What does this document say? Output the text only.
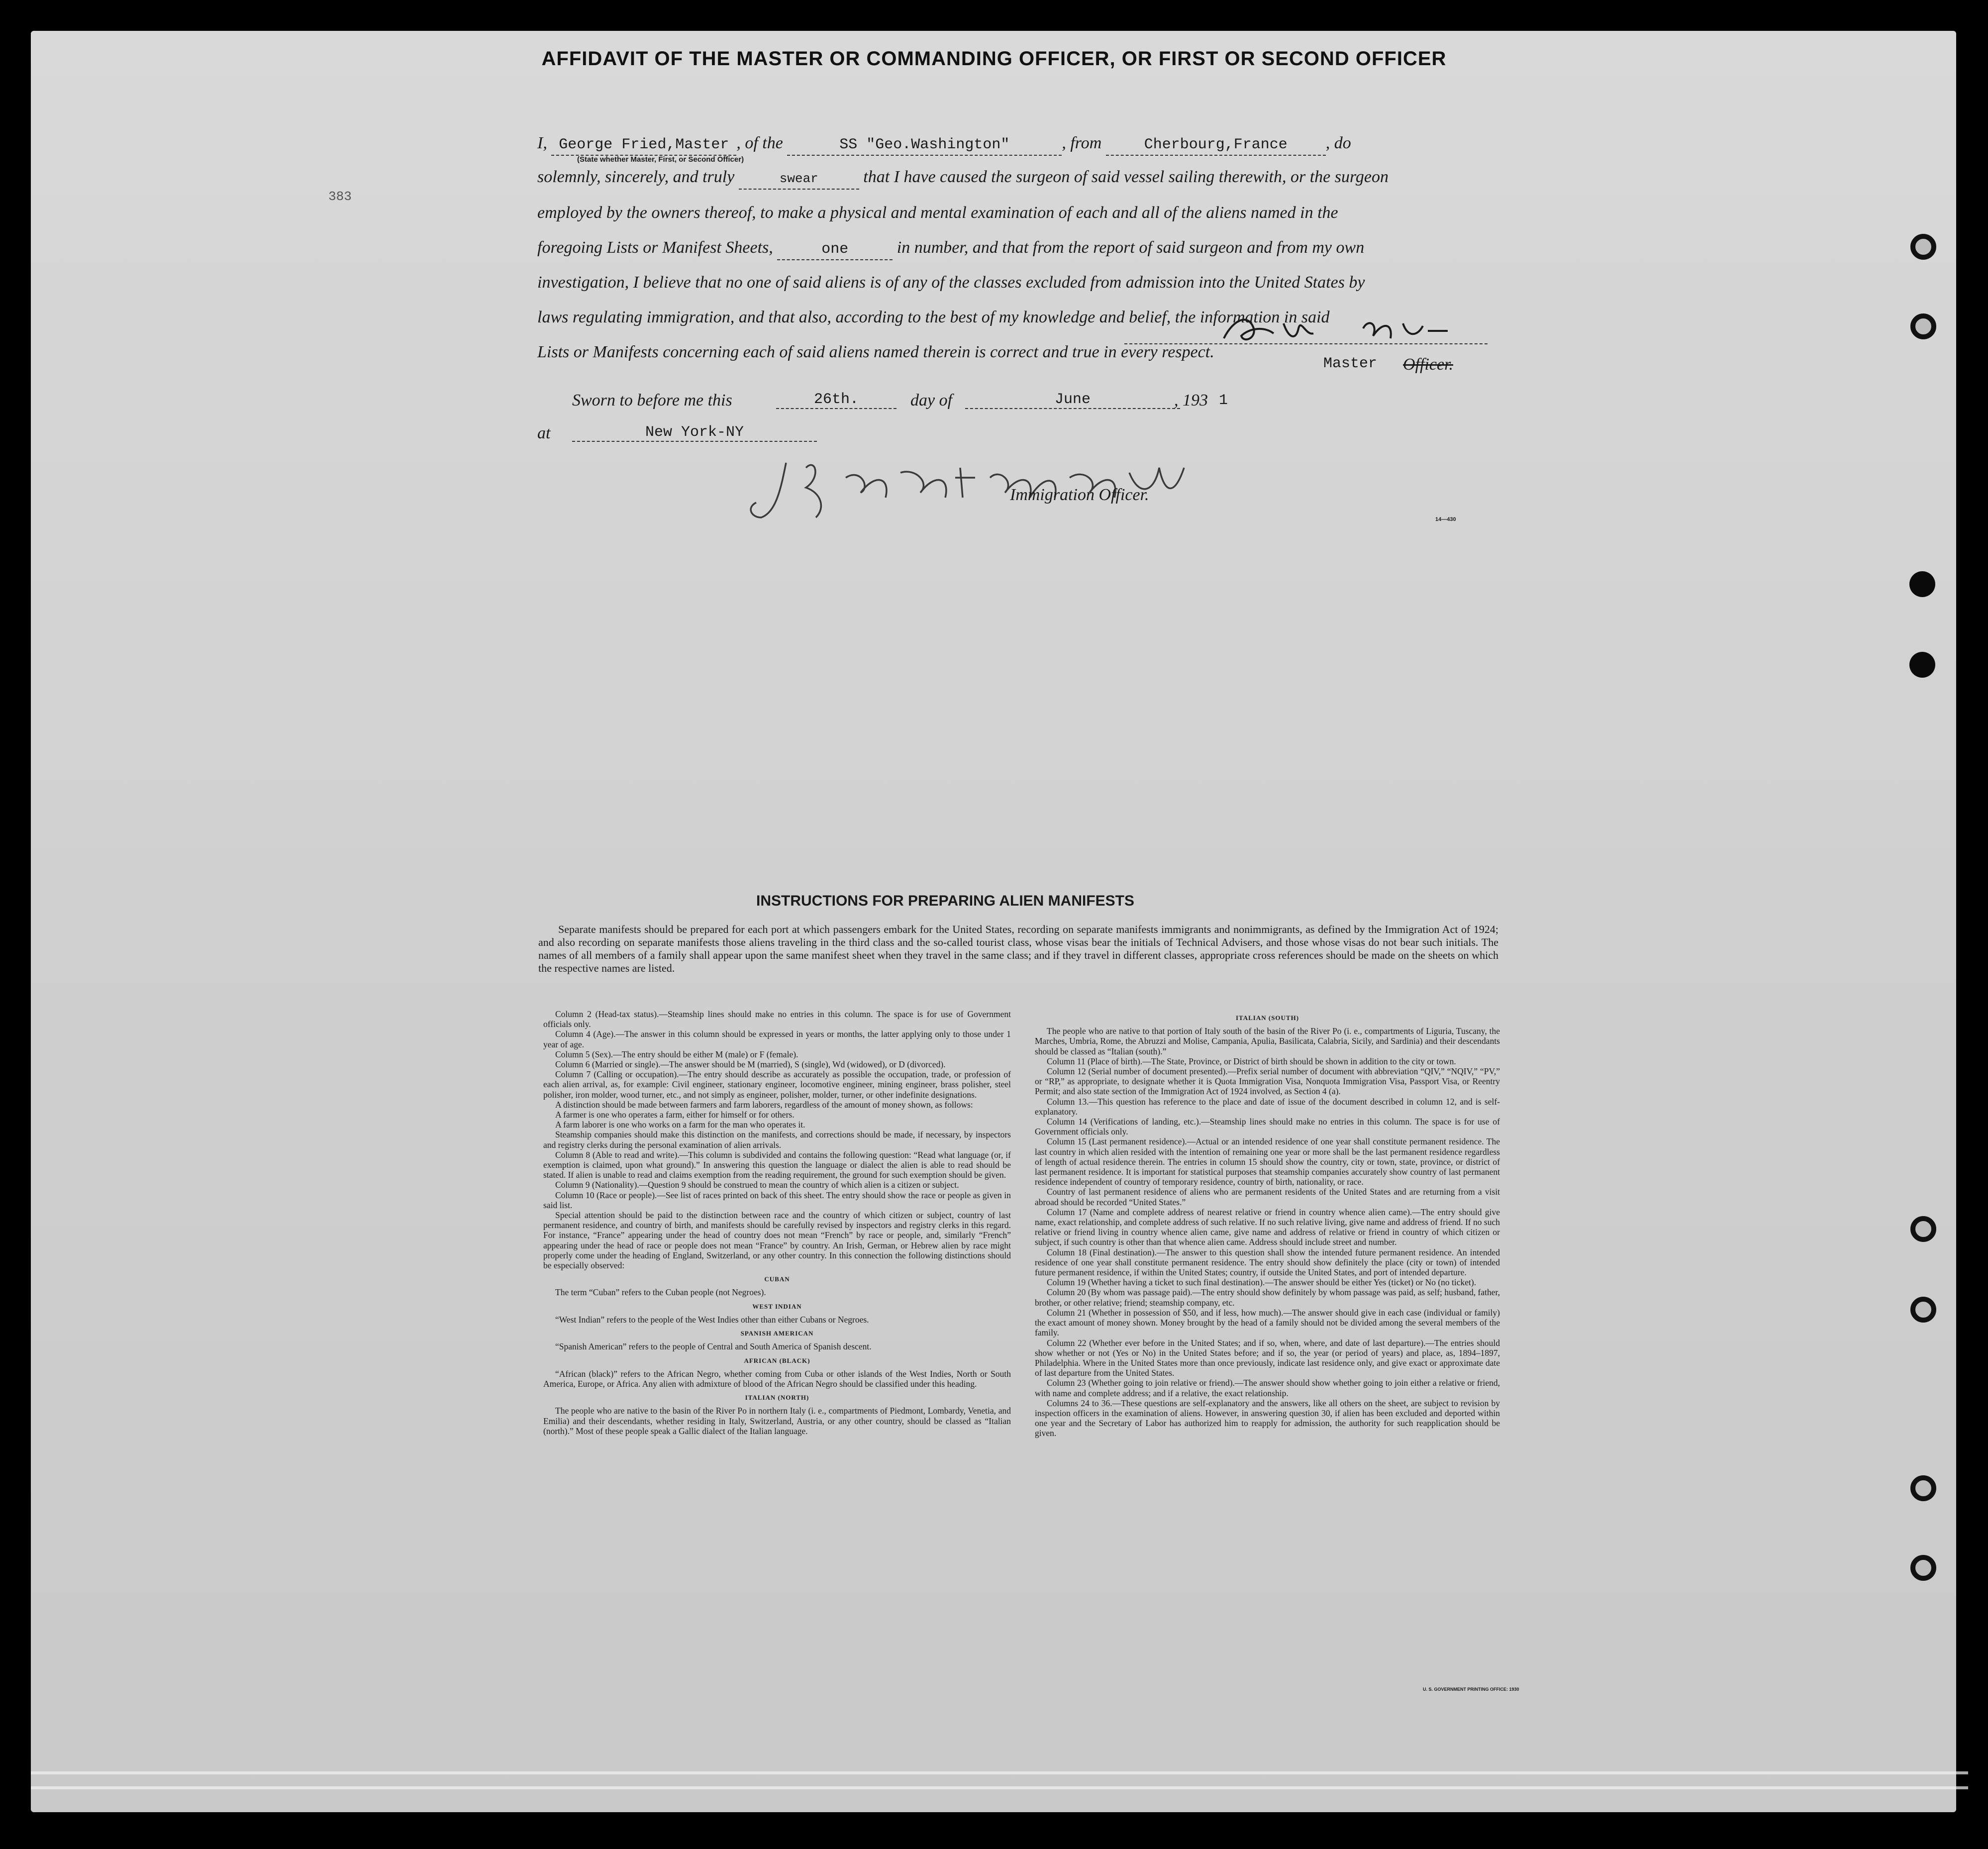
383
AFFIDAVIT OF THE MASTER OR COMMANDING OFFICER, OR FIRST OR SECOND OFFICER
I, George Fried,Master , of the	SS "Geo.Washington"	, from	Cherbourg,France , do
(State whether Master, First, or Second Officer)
solemnly, sincerely, and truly	swear	that I have caused the surgeon of said vessel sailing therewith, or the surgeon
employed by the owners thereof, to make a physical and mental examination of each and all of the aliens named in the
foregoing Lists or Manifest Sheets,	one	in number, and that from the report of said surgeon and from my own
investigation, I believe that no one of said aliens is of any of the classes excluded from admission into the United States by
laws regulating immigration, and that also, according to the best of my knowledge and belief, the information in said
Lists or Manifests concerning each of said aliens named therein is correct and true in every respect.
Master Officer.
Sworn to before me this	26th.	day of	June	, 193 1
at	New York-NY
Immigration Officer.
14—430
INSTRUCTIONS FOR PREPARING ALIEN MANIFESTS
Separate manifests should be prepared for each port at which passengers embark for the United States, recording on separate manifests immigrants and nonimmigrants, as defined by the Immigration Act of 1924; and also recording on separate manifests those aliens traveling in the third class and the so-called tourist class, whose visas bear the initials of Technical Advisers, and those whose visas do not bear such initials. The names of all members of a family shall appear upon the same manifest sheet when they travel in the same class; and if they travel in different classes, appropriate cross references should be made on the sheets on which the respective names are listed.

Column 2 (Head-tax status).—Steamship lines should make no entries in this column. The space is for use of Government officials only.

Column 4 (Age).—The answer in this column should be expressed in years or months, the latter applying only to those under 1 year of age.

Column 5 (Sex).—The entry should be either M (male) or F (female).

Column 6 (Married or single).—The answer should be M (married), S (single), Wd (widowed), or D (divorced).

Column 7 (Calling or occupation).—The entry should describe as accurately as possible the occupation, trade, or profession of each alien arrival, as, for example: Civil engineer, stationary engineer, locomotive engineer, mining engineer, brass polisher, steel polisher, iron molder, wood turner, etc., and not simply as engineer, polisher, molder, turner, or other indefinite designations.

A distinction should be made between farmers and farm laborers, regardless of the amount of money shown, as follows:

A farmer is one who operates a farm, either for himself or for others.

A farm laborer is one who works on a farm for the man who operates it.

Steamship companies should make this distinction on the manifests, and corrections should be made, if necessary, by inspectors and registry clerks during the personal examination of alien arrivals.

Column 8 (Able to read and write).—This column is subdivided and contains the following question: “Read what language (or, if exemption is claimed, upon what ground).” In answering this question the language or dialect the alien is able to read should be stated. If alien is unable to read and claims exemption from the reading requirement, the ground for such exemption should be given.

Column 9 (Nationality).—Question 9 should be construed to mean the country of which alien is a citizen or subject.

Column 10 (Race or people).—See list of races printed on back of this sheet. The entry should show the race or people as given in said list.

Special attention should be paid to the distinction between race and the country of which citizen or subject, country of last permanent residence, and country of birth, and manifests should be carefully revised by inspectors and registry clerks in this regard. For instance, “France” appearing under the head of country does not mean “French” by race or people, and, similarly “French” appearing under the head of race or people does not mean “France” by country. An Irish, German, or Hebrew alien by race might properly come under the heading of England, Switzerland, or any other country. In this connection the following distinctions should be especially observed:

CUBAN

The term “Cuban” refers to the Cuban people (not Negroes).

WEST INDIAN

“West Indian” refers to the people of the West Indies other than either Cubans or Negroes.

SPANISH AMERICAN

“Spanish American” refers to the people of Central and South America of Spanish descent.

AFRICAN (BLACK)

“African (black)” refers to the African Negro, whether coming from Cuba or other islands of the West Indies, North or South America, Europe, or Africa. Any alien with admixture of blood of the African Negro should be classified under this heading.

ITALIAN (NORTH)

The people who are native to the basin of the River Po in northern Italy (i. e., compartments of Piedmont, Lombardy, Venetia, and Emilia) and their descendants, whether residing in Italy, Switzerland, Austria, or any other country, should be classed as “Italian (north).” Most of these people speak a Gallic dialect of the Italian language.

ITALIAN (SOUTH)

The people who are native to that portion of Italy south of the basin of the River Po (i. e., compartments of Liguria, Tuscany, the Marches, Umbria, Rome, the Abruzzi and Molise, Campania, Apulia, Basilicata, Calabria, Sicily, and Sardinia) and their descendants should be classed as “Italian (south).”

Column 11 (Place of birth).—The State, Province, or District of birth should be shown in addition to the city or town.

Column 12 (Serial number of document presented).—Prefix serial number of document with abbreviation “QIV,” “NQIV,” “PV,” or “RP,” as appropriate, to designate whether it is Quota Immigration Visa, Nonquota Immigration Visa, Passport Visa, or Reentry Permit; and also state section of the Immigration Act of 1924 involved, as Section 4 (a).

Column 13.—This question has reference to the place and date of issue of the document described in column 12, and is self-explanatory.

Column 14 (Verifications of landing, etc.).—Steamship lines should make no entries in this column. The space is for use of Government officials only.

Column 15 (Last permanent residence).—Actual or an intended residence of one year shall constitute permanent residence. The last country in which alien resided with the intention of remaining one year or more shall be the last permanent residence regardless of length of actual residence therein. The entries in column 15 should show the country, city or town, state, province, or district of last permanent residence. It is important for statistical purposes that steamship companies accurately show country of last permanent residence independent of country of temporary residence, country of birth, nationality, or race.

Country of last permanent residence of aliens who are permanent residents of the United States and are returning from a visit abroad should be recorded “United States.”

Column 17 (Name and complete address of nearest relative or friend in country whence alien came).—The entry should give name, exact relationship, and complete address of such relative. If no such relative living, give name and address of friend. If no such relative or friend living in country whence alien came, give name and address of relative or friend in country of which citizen or subject, if such country is other than that whence alien came. Address should include street and number.

Column 18 (Final destination).—The answer to this question shall show the intended future permanent residence. An intended residence of one year shall constitute permanent residence. The entry should show definitely the place (city or town) of intended future permanent residence, if within the United States; country, if outside the United States, and port of intended departure.

Column 19 (Whether having a ticket to such final destination).—The answer should be either Yes (ticket) or No (no ticket).

Column 20 (By whom was passage paid).—The entry should show definitely by whom passage was paid, as self; husband, father, brother, or other relative; friend; steamship company, etc.

Column 21 (Whether in possession of $50, and if less, how much).—The answer should give in each case (individual or family) the exact amount of money shown. Money brought by the head of a family should not be divided among the several members of the family.

Column 22 (Whether ever before in the United States; and if so, when, where, and date of last departure).—The entries should show whether or not (Yes or No) in the United States before; and if so, the year (or period of years) and place, as, 1894–1897, Philadelphia. Where in the United States more than once previously, indicate last residence only, and give exact or approximate date of last departure from the United States.

Column 23 (Whether going to join relative or friend).—The answer should show whether going to join either a relative or friend, with name and complete address; and if a relative, the exact relationship.

Columns 24 to 36.—These questions are self-explanatory and the answers, like all others on the sheet, are subject to revision by inspection officers in the examination of aliens. However, in answering question 30, if alien has been excluded and deported within one year and the Secretary of Labor has authorized him to reapply for admission, the authority for such reapplication should be given.

U. S. GOVERNMENT PRINTING OFFICE: 1930
